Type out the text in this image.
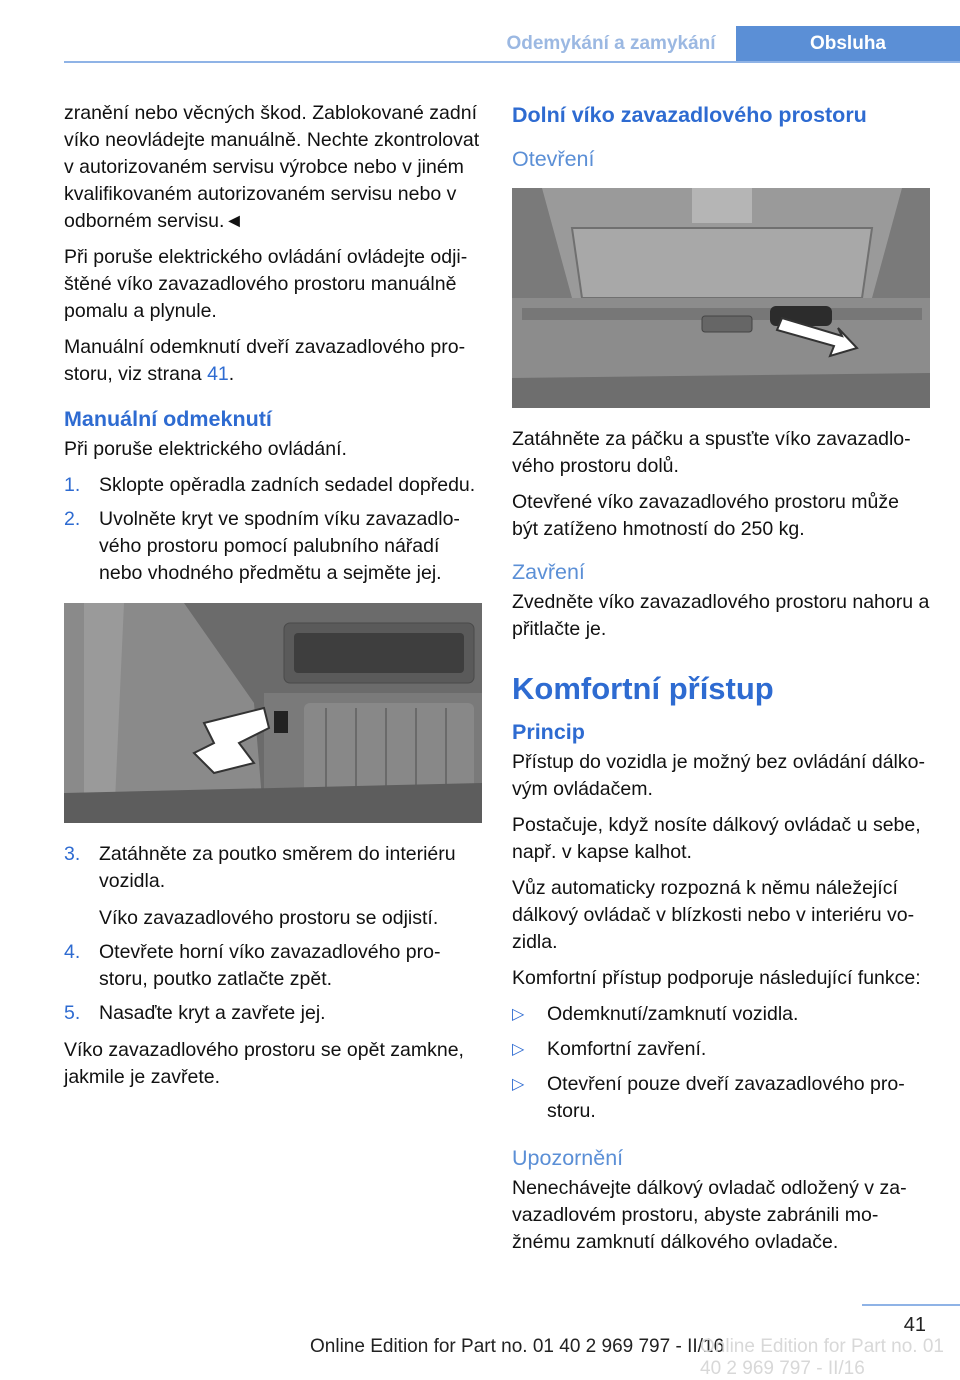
Odemykání a zamykání	Obsluha

zranění nebo věcných škod. Zablokované zadní víko neovládejte manuálně. Nechte zkontrolovat v autorizovaném servisu výrobce nebo v jiném kvalifikovaném autorizovaném servisu nebo v odborném servisu.◄

Při poruše elektrického ovládání ovládejte odjištěné víko zavazadlového prostoru manuálně pomalu a plynule.

Manuální odemknutí dveří zavazadlového prostoru, viz strana 41.

Manuální odmeknutí

Při poruše elektrického ovládání.

1. Sklopte opěradla zadních sedadel dopředu.
2. Uvolněte kryt ve spodním víku zavazadlového prostoru pomocí palubního nářadí nebo vhodného předmětu a sejměte jej.
3. Zatáhněte za poutko směrem do interiéru vozidla.
Víko zavazadlového prostoru se odjistí.
4. Otevřete horní víko zavazadlového prostoru, poutko zatlačte zpět.
5. Nasaďte kryt a zavřete jej.

Víko zavazadlového prostoru se opět zamkne, jakmile je zavřete.

Dolní víko zavazadlového prostoru
Otevření

Zatáhněte za páčku a spusťte víko zavazadlového prostoru dolů.

Otevřené víko zavazadlového prostoru může být zatíženo hmotností do 250 kg.

Zavření

Zvedněte víko zavazadlového prostoru nahoru a přitlačte je.

Komfortní přístup
Princip

Přístup do vozidla je možný bez ovládání dálkovým ovládačem.

Postačuje, když nosíte dálkový ovládač u sebe, např. v kapse kalhot.

Vůz automaticky rozpozná k němu náležející dálkový ovládač v blízkosti nebo v interiéru vozidla.

Komfortní přístup podporuje následující funkce:

▷ Odemknutí/zamknutí vozidla.
▷ Komfortní zavření.
▷ Otevření pouze dveří zavazadlového prostoru.
Upozornění

Nenechávejte dálkový ovladač odložený v zavazadlovém prostoru, abyste zabránili možnému zamknutí dálkového ovladače.

41
Online Edition for Part no. 01 40 2 969 797 - II/16
Online Edition for Part no. 01 40 2 969 797 - II/16
